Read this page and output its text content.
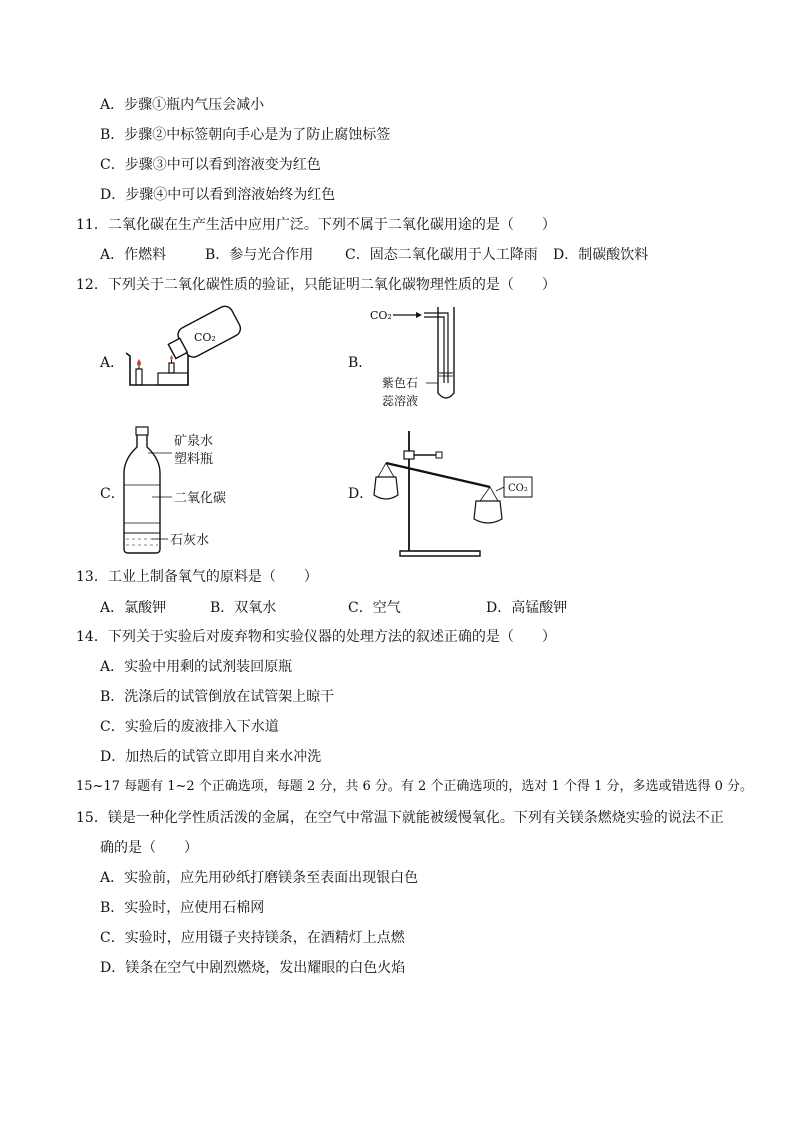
A．步骤①瓶内气压会减小
B．步骤②中标签朝向手心是为了防止腐蚀标签
C．步骤③中可以看到溶液变为红色
D．步骤④中可以看到溶液始终为红色
11．二氧化碳在生产生活中应用广泛。下列不属于二氧化碳用途的是（　　）
A．作燃料	B．参与光合作用 C．固态二氧化碳用于人工降雨 D．制碳酸饮料
12．下列关于二氧化碳性质的验证，只能证明二氧化碳物理性质的是（　　）
A．	B．
C．	D．
CO₂
CO₂
紫色石
蕊溶液
矿泉水
塑料瓶
二氧化碳
石灰水
CO₂
13．工业上制备氧气的原料是（　　）
A．氯酸钾	B．双氧水	C．空气	D．高锰酸钾
14．下列关于实验后对废弃物和实验仪器的处理方法的叙述正确的是（　　）
A．实验中用剩的试剂装回原瓶
B．洗涤后的试管倒放在试管架上晾干
C．实验后的废液排入下水道
D．加热后的试管立即用自来水冲洗
15~17 每题有 1~2 个正确选项，每题 2 分，共 6 分。有 2 个正确选项的，选对 1 个得 1 分，多选或错选得 0 分。
15．镁是一种化学性质活泼的金属，在空气中常温下就能被缓慢氧化。下列有关镁条燃烧实验的说法不正
确的是（　　）
A．实验前，应先用砂纸打磨镁条至表面出现银白色
B．实验时，应使用石棉网
C．实验时，应用镊子夹持镁条，在酒精灯上点燃
D．镁条在空气中剧烈燃烧，发出耀眼的白色火焰
